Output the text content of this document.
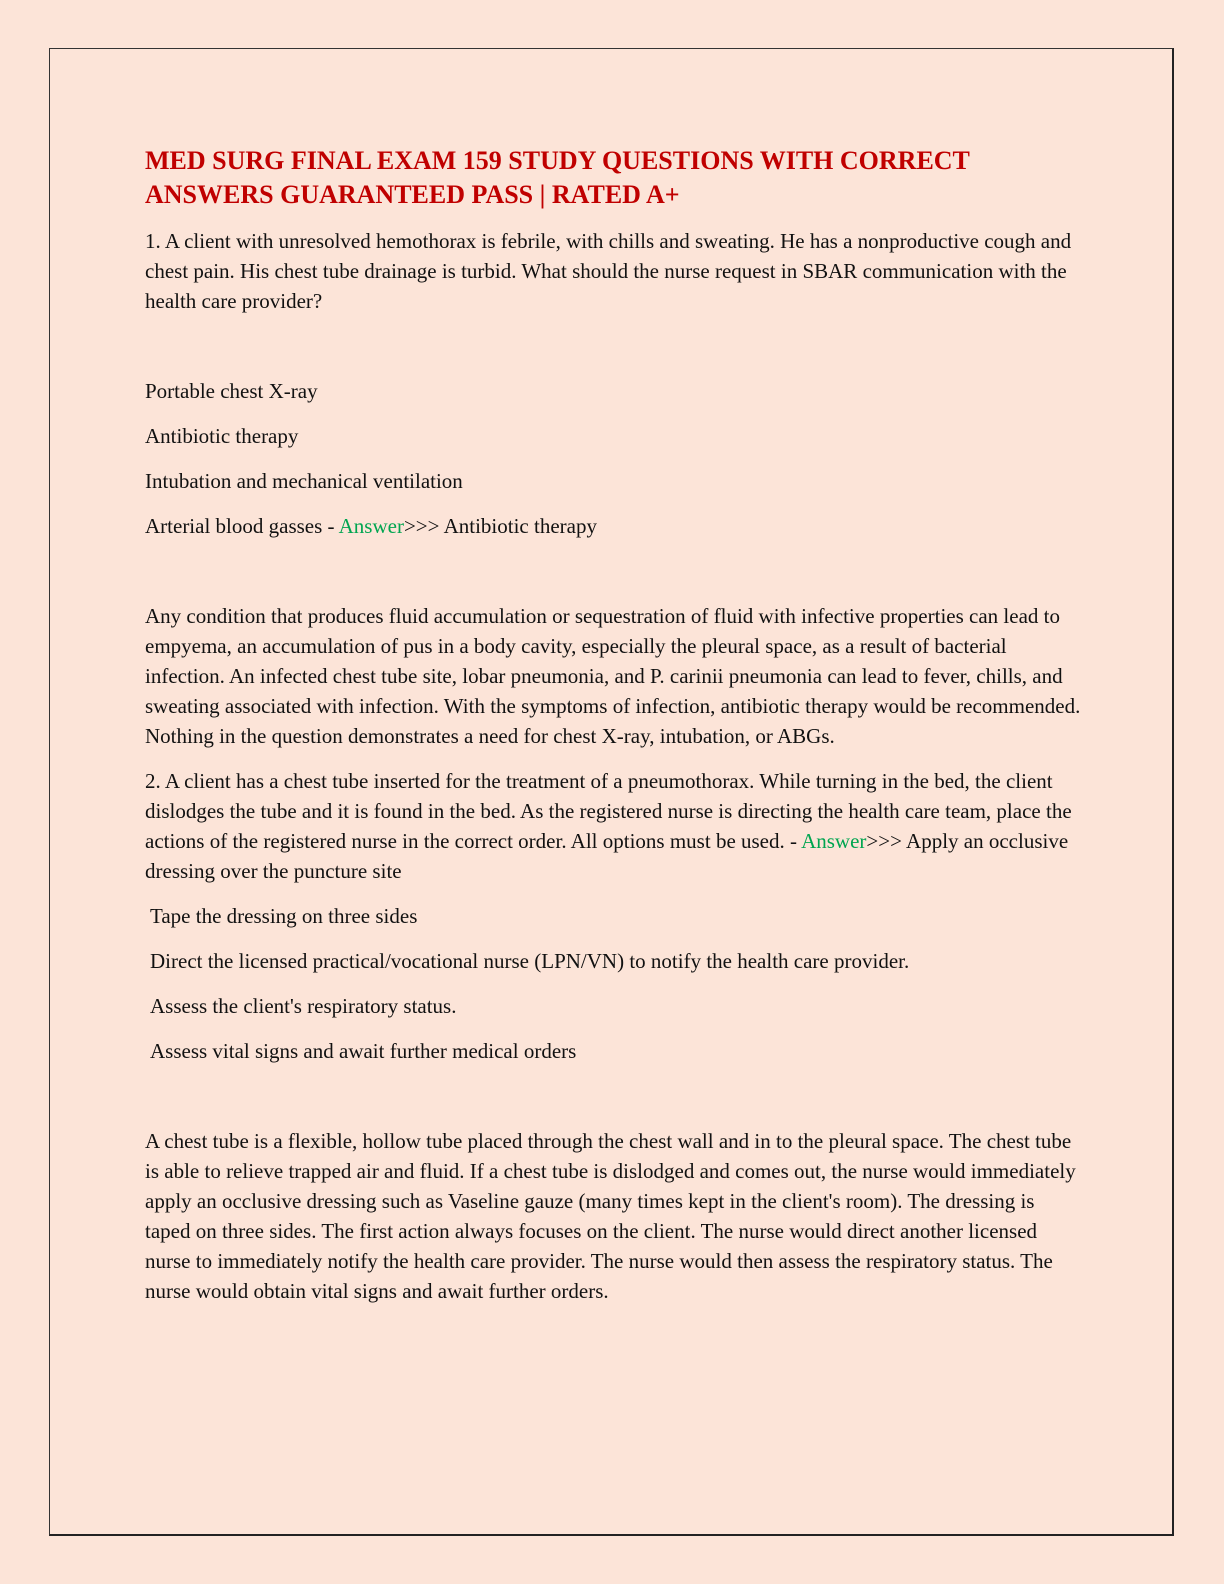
MED SURG FINAL EXAM 159 STUDY QUESTIONS WITH CORRECT
ANSWERS GUARANTEED PASS | RATED A+

1. A client with unresolved hemothorax is febrile, with chills and sweating. He has a nonproductive cough and chest pain. His chest tube drainage is turbid. What should the nurse request in SBAR communication with the health care provider?

Portable chest X-ray

Antibiotic therapy

Intubation and mechanical ventilation

Arterial blood gasses - Answer>>> Antibiotic therapy

Any condition that produces fluid accumulation or sequestration of fluid with infective properties can lead to empyema, an accumulation of pus in a body cavity, especially the pleural space, as a result of bacterial infection. An infected chest tube site, lobar pneumonia, and P. carinii pneumonia can lead to fever, chills, and sweating associated with infection. With the symptoms of infection, antibiotic therapy would be recommended. Nothing in the question demonstrates a need for chest X-ray, intubation, or ABGs.

2. A client has a chest tube inserted for the treatment of a pneumothorax. While turning in the bed, the client dislodges the tube and it is found in the bed. As the registered nurse is directing the health care team, place the actions of the registered nurse in the correct order. All options must be used. - Answer>>> Apply an occlusive dressing over the puncture site

Tape the dressing on three sides

Direct the licensed practical/vocational nurse (LPN/VN) to notify the health care provider.

Assess the client's respiratory status.

Assess vital signs and await further medical orders

A chest tube is a flexible, hollow tube placed through the chest wall and in to the pleural space. The chest tube is able to relieve trapped air and fluid. If a chest tube is dislodged and comes out, the nurse would immediately apply an occlusive dressing such as Vaseline gauze (many times kept in the client's room). The dressing is taped on three sides. The first action always focuses on the client. The nurse would direct another licensed nurse to immediately notify the health care provider. The nurse would then assess the respiratory status. The nurse would obtain vital signs and await further orders.
